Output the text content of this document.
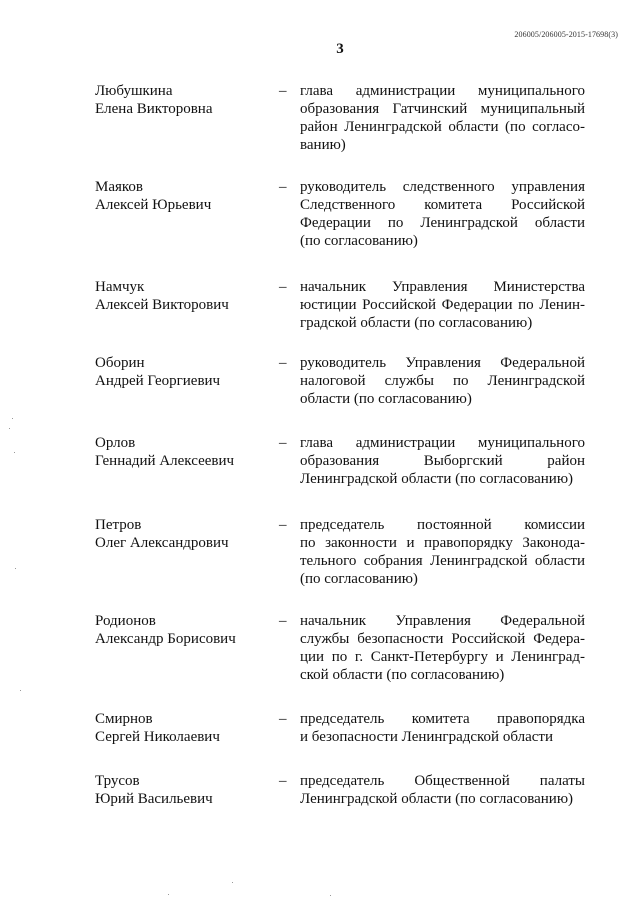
206005/206005-2015-17698(3)
3
Любушкина
Елена Викторовна
– глава администрации муниципального
образования Гатчинский муниципальный
район Ленинградской области (по согласо-
ванию)
Маяков
Алексей Юрьевич
– руководитель следственного управления
Следственного комитета Российской
Федерации по Ленинградской области
(по согласованию)
Намчук
Алексей Викторович
– начальник Управления Министерства
юстиции Российской Федерации по Ленин-
градской области (по согласованию)
Оборин
Андрей Георгиевич
– руководитель Управления Федеральной
налоговой службы по Ленинградской
области (по согласованию)
Орлов
Геннадий Алексеевич
– глава администрации муниципального
образования Выборгский район
Ленинградской области (по согласованию)
Петров
Олег Александрович
– председатель постоянной комиссии
по законности и правопорядку Законода-
тельного собрания Ленинградской области
(по согласованию)
Родионов
Александр Борисович
– начальник Управления Федеральной
службы безопасности Российской Федера-
ции по г. Санкт-Петербургу и Ленинград-
ской области (по согласованию)
Смирнов
Сергей Николаевич
– председатель комитета правопорядка
и безопасности Ленинградской области
Трусов
Юрий Васильевич
– председатель Общественной палаты
Ленинградской области (по согласованию)
